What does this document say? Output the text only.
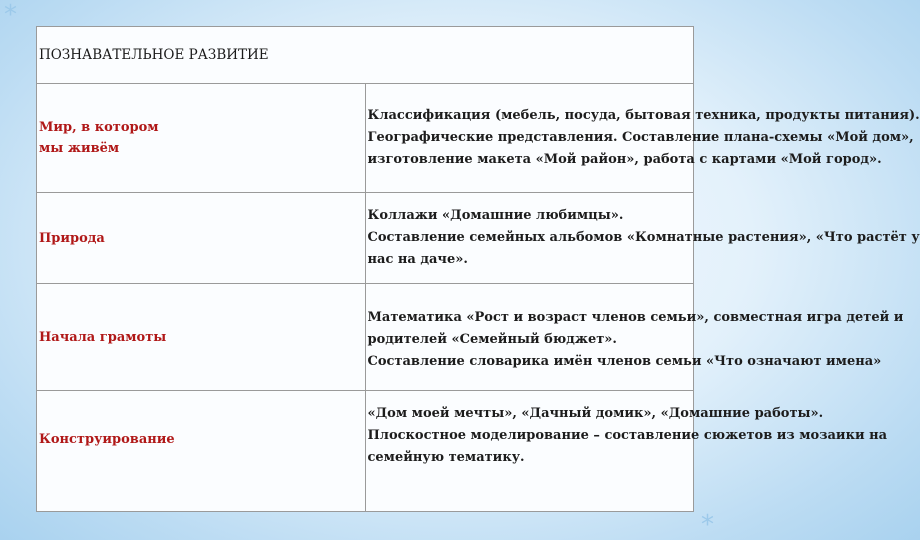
*
*
ПОЗНАВАТЕЛЬНОЕ РАЗВИТИЕ	

Мир, в котором
мы живём	Классификация (мебель, посуда, бытовая техника, продукты питания).
Географические представления. Составление плана-схемы «Мой дом»,
изготовление макета «Мой район», работа с картами «Мой город».

Природа	Коллажи «Домашние любимцы».
Составление семейных альбомов «Комнатные растения», «Что растёт у
нас на даче».

Начала грамоты	Математика «Рост и возраст членов семьи», совместная игра детей и
родителей «Семейный бюджет».
Составление словарика имён членов семьи «Что означают имена»

Конструирование	«Дом моей мечты», «Дачный домик», «Домашние работы».
Плоскостное моделирование – составление сюжетов из мозаики на
семейную тематику.
